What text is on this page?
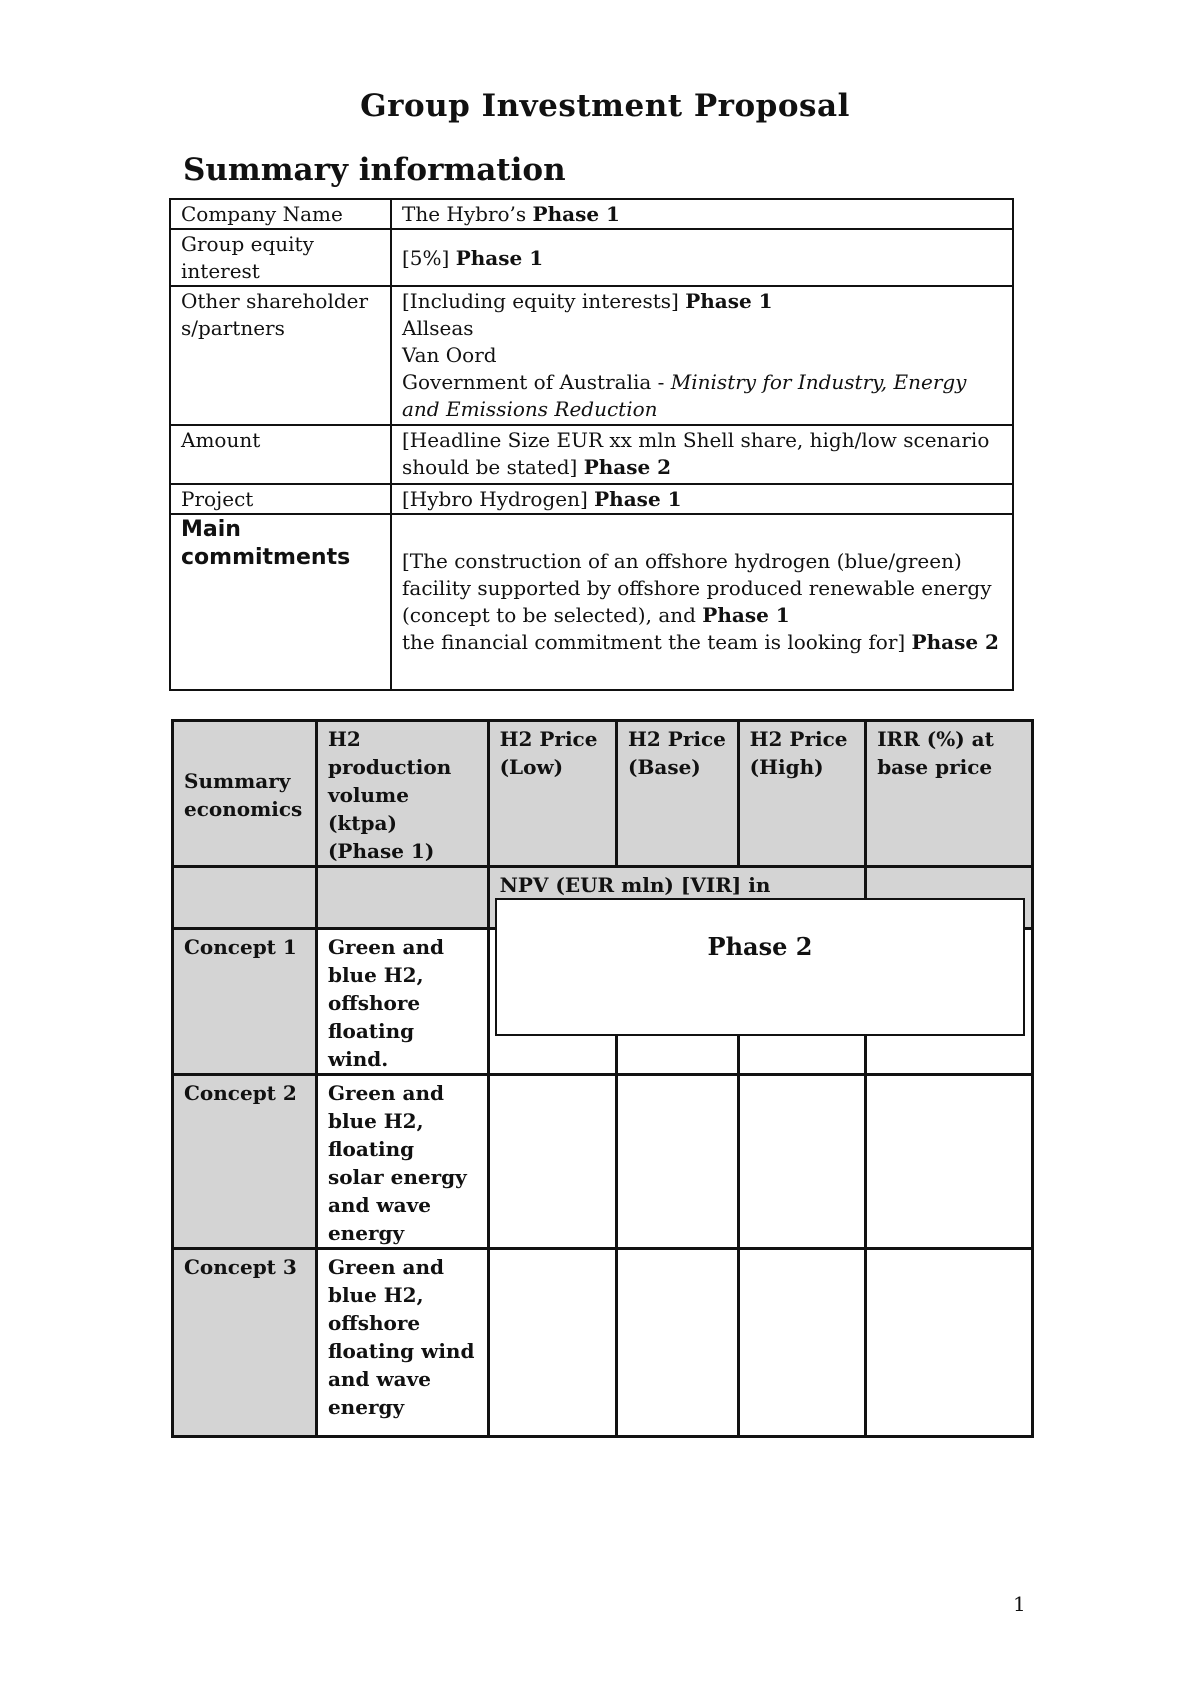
Group Investment Proposal
Summary information
Company Name	The Hybro’s Phase 1
Group equity interest	[5%] Phase 1
Other shareholders/partners	[Including equity interests] Phase 1
Allseas
Van Oord
Government of Australia - Ministry for Industry, Energy and Emissions Reduction

Amount	[Headline Size EUR xx mln Shell share, high/low scenario should be stated] Phase 2
Project	[Hybro Hydrogen] Phase 1

Main commitments	[The construction of an offshore hydrogen (blue/green) facility supported by offshore produced renewable energy (concept to be selected), and Phase 1
the financial commitment the team is looking for] Phase 2
Summary economics	H2 production volume (ktpa) (Phase 1)	H2 Price (Low)	H2 Price (Base)	H2 Price (High)	IRR (%) at base price
		NPV (EUR mln) [VIR] in			
Concept 1	Green and blue H2, offshore floating wind.				
Concept 2	Green and blue H2, floating solar energy and wave energy				
Concept 3	Green and blue H2, offshore floating wind and wave energy				
Phase 2
1
